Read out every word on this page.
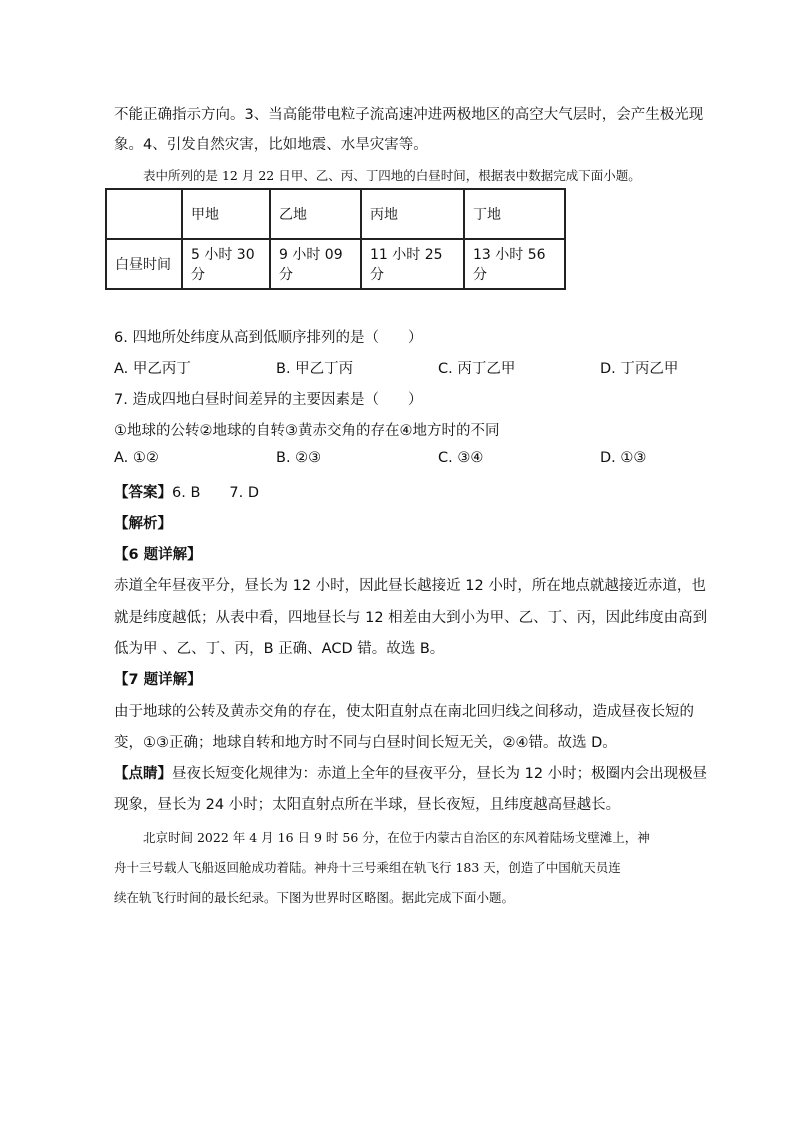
不能正确指示方向。3、当高能带电粒子流高速冲进两极地区的高空大气层时，会产生极光现
象。4、引发自然灾害，比如地震、水旱灾害等。
表中所列的是 12 月 22 日甲、乙、丙、丁四地的白昼时间，根据表中数据完成下面小题。
	甲地	乙地	丙地	丁地
白昼时间	5 小时 30 分	9 小时 09 分	11 小时 25 分	13 小时 56 分
6. 四地所处纬度从高到低顺序排列的是（　　）
A. 甲乙丙丁	B. 甲乙丁丙	C. 丙丁乙甲	D. 丁丙乙甲
7. 造成四地白昼时间差异的主要因素是（　　）
①地球的公转②地球的自转③黄赤交角的存在④地方时的不同
A. ①②	B. ②③	C. ③④	D. ①③
【答案】6. B　　7. D
【解析】
【6 题详解】
赤道全年昼夜平分，昼长为 12 小时，因此昼长越接近 12 小时，所在地点就越接近赤道，也
就是纬度越低；从表中看，四地昼长与 12 相差由大到小为甲、乙、丁、丙，因此纬度由高到
低为甲 、乙、丁、丙，B 正确、ACD 错。故选 B。
【7 题详解】
由于地球的公转及黄赤交角的存在，使太阳直射点在南北回归线之间移动，造成昼夜长短的
变，①③正确；地球自转和地方时不同与白昼时间长短无关，②④错。故选 D。
【点睛】昼夜长短变化规律为：赤道上全年的昼夜平分，昼长为 12 小时；极圈内会出现极昼
现象，昼长为 24 小时；太阳直射点所在半球，昼长夜短，且纬度越高昼越长。
北京时间 2022 年 4 月 16 日 9 时 56 分，在位于内蒙古自治区的东风着陆场戈壁滩上，神
舟十三号载人飞船返回舱成功着陆。神舟十三号乘组在轨飞行 183 天，创造了中国航天员连
续在轨飞行时间的最长纪录。下图为世界时区略图。据此完成下面小题。
